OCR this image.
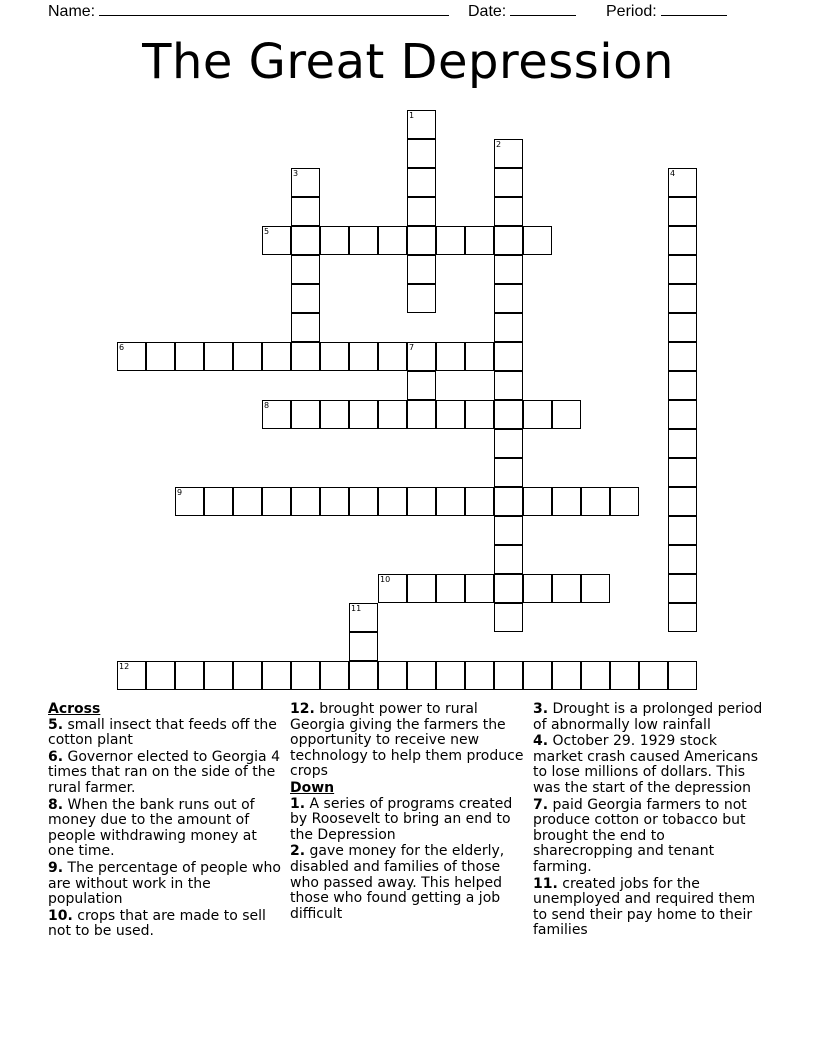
Name:	Date:	Period:
The Great Depression
1
2
3	4
5
6	7
8
9
10
11
12
Across
5. small insect that feeds off the cotton plant
6. Governor elected to Georgia 4 times that ran on the side of the rural farmer.
8. When the bank runs out of money due to the amount of people withdrawing money at one time.
9. The percentage of people who are without work in the population
10. crops that are made to sell not to be used.
12. brought power to rural Georgia giving the farmers the opportunity to receive new technology to help them produce crops
Down
1. A series of programs created by Roosevelt to bring an end to the Depression
2. gave money for the elderly, disabled and families of those who passed away. This helped those who found getting a job difficult
3. Drought is a prolonged period of abnormally low rainfall
4. October 29. 1929 stock market crash caused Americans to lose millions of dollars. This was the start of the depression
7. paid Georgia farmers to not produce cotton or tobacco but brought the end to sharecropping and tenant farming.
11. created jobs for the unemployed and required them to send their pay home to their families
